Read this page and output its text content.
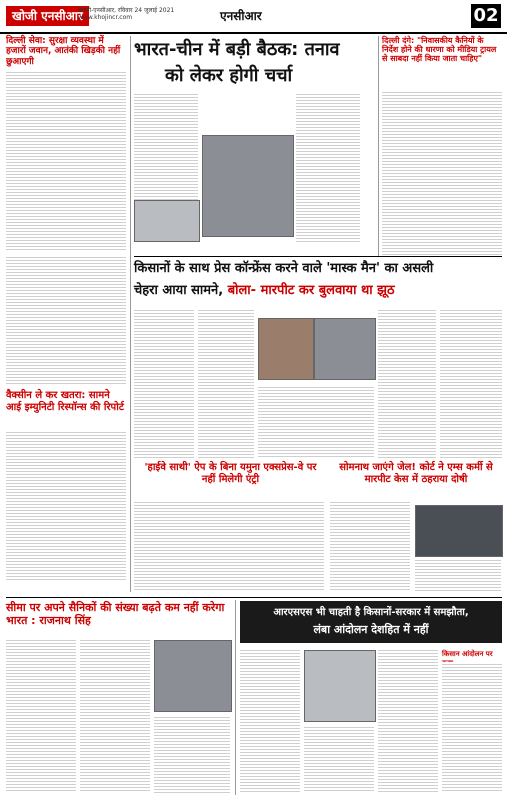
खोजी एनसीआर
दिल्ली-एनसीआर, रविवार 24 जुलाई 2021
www.khojincr.com	एनसीआर	02
दिल्ली सेवा: सुरक्षा व्यवस्था में हजारों जवान, आतंकी खिड़की नहीं छुआएगी
वैक्सीन ले कर खतरा: सामने आई इम्युनिटी रिस्पॉन्स की रिपोर्ट
भारत-चीन में बड़ी बैठक: तनाव
को लेकर होगी चर्चा
दिल्ली दंगे: "निवासकीय कैनियों के निर्देश होने की धारणा को मीडिया ट्रायल से साबदा नहीं किया जाता चाहिए"
किसानों के साथ प्रेस कॉन्फ्रेंस करने वाले 'मास्क मैन' का असली
चेहरा आया सामने, बोला- मारपीट कर बुलवाया था झूठ
'हाईवे साथी' ऐप के बिना यमुना एक्सप्रेस-वे पर नहीं मिलेगी एंट्री
सोमनाथ जाएंगे जेल! कोर्ट ने एम्स कर्मी से मारपीट केस में ठहराया दोषी
सीमा पर अपने सैनिकों की संख्या बढ़ते कम नहीं करेगा भारत : राजनाथ सिंह
आरएसएस भी चाहती है किसानों-सरकार में समझौता,
लंबा आंदोलन देशहित में नहीं
किसान आंदोलन पर
